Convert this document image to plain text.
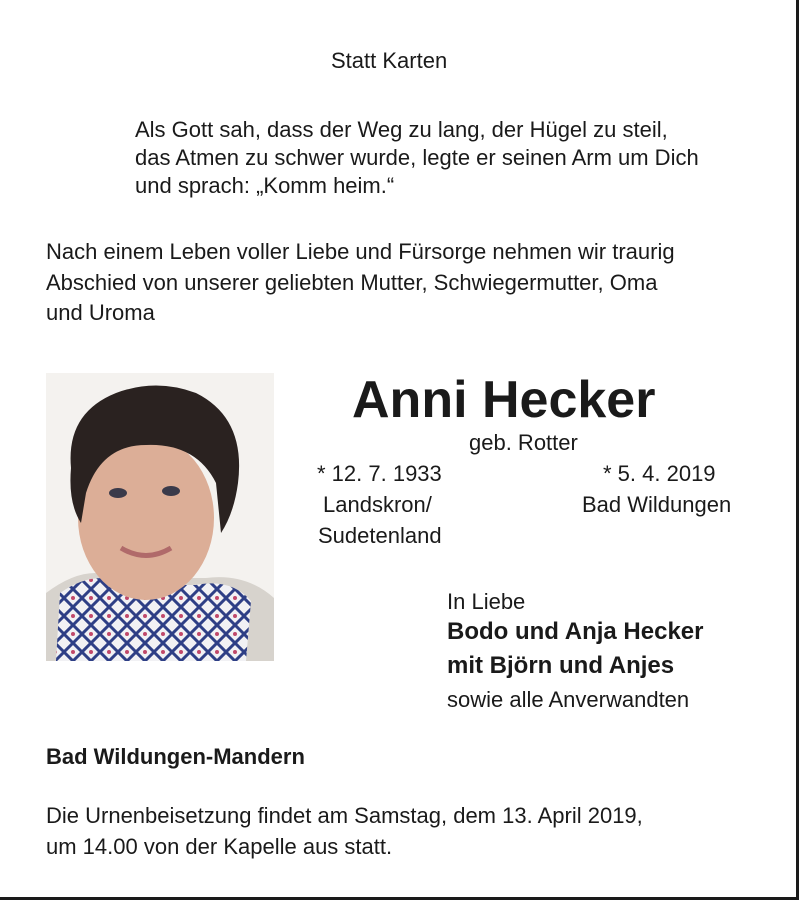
Statt Karten
Als Gott sah, dass der Weg zu lang, der Hügel zu steil,
das Atmen zu schwer wurde, legte er seinen Arm um Dich
und sprach: „Komm heim.“
Nach einem Leben voller Liebe und Fürsorge nehmen wir traurig
Abschied von unserer geliebten Mutter, Schwiegermutter, Oma
und Uroma
Anni Hecker
geb. Rotter
* 12. 7. 1933
Landskron/
Sudetenland
* 5. 4. 2019
Bad Wildungen
In Liebe
Bodo und Anja Hecker
mit Björn und Anjes
sowie alle Anverwandten
Bad Wildungen-Mandern
Die Urnenbeisetzung findet am Samstag, dem 13. April 2019,
um 14.00 von der Kapelle aus statt.
